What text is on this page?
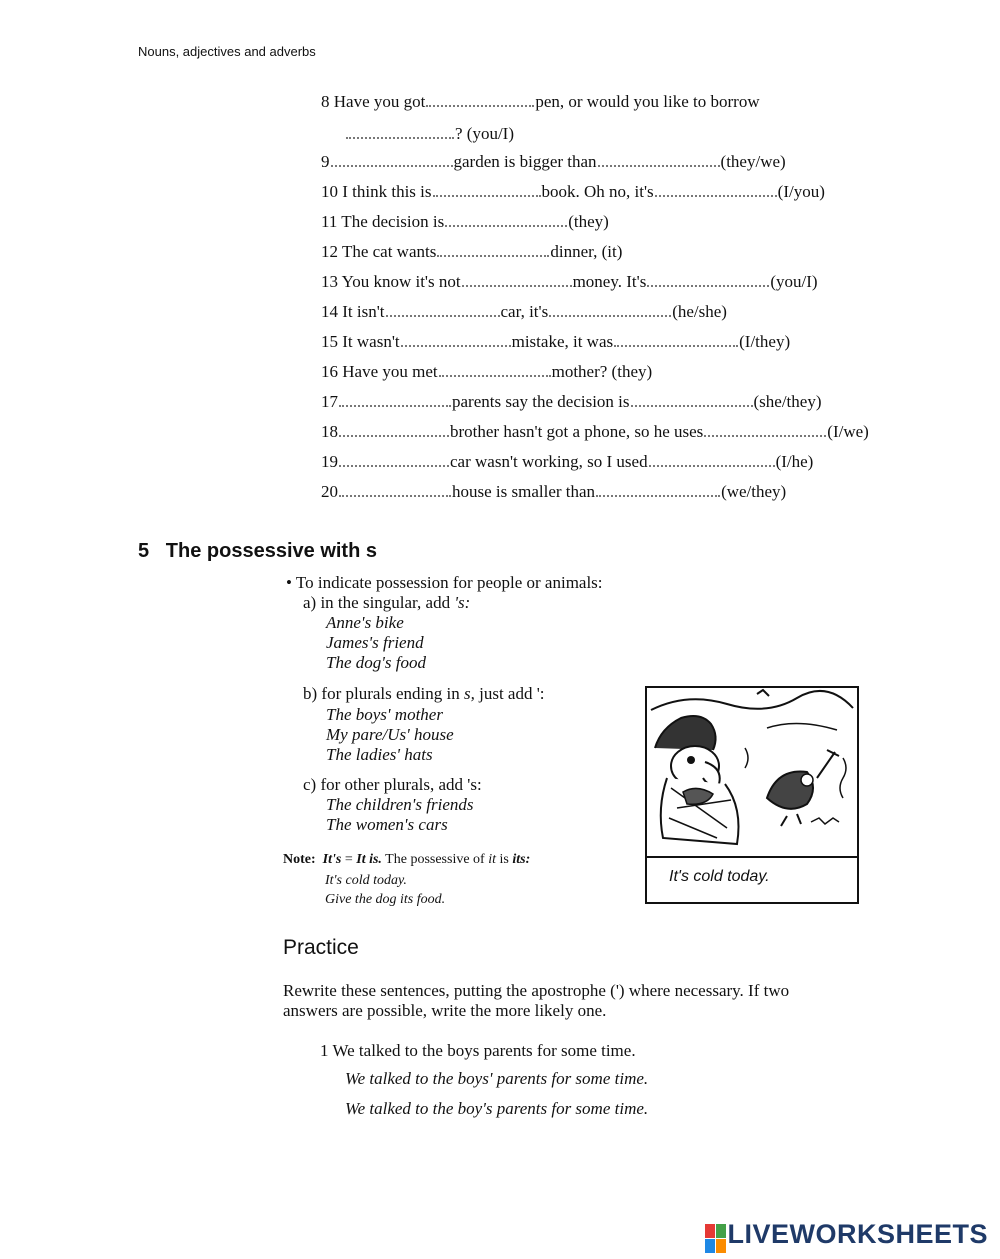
Nouns, adjectives and adverbs
8 Have you got	pen, or would you like to borrow
? (you/I)
9	garden is bigger than	(they/we)
10 I think this is	book. Oh no, it's	(I/you)
11 The decision is	(they)
12 The cat wants	dinner, (it)
13 You know it's not	money. It's	(you/I)
14 It isn't	car, it's	(he/she)
15 It wasn't	mistake, it was	(I/they)
16 Have you met	mother? (they)
17	parents say the decision is	(she/they)
18	brother hasn't got a phone, so he uses	(I/we)
19	car wasn't working, so I used	(I/he)
20	house is smaller than	(we/they)
5 The possessive with s
• To indicate possession for people or animals:
a) in the singular, add 's:
Anne's bike
James's friend
The dog's food
b) for plurals ending in s, just add ':
The boys' mother
My pare/Us' house
The ladies' hats
c) for other plurals, add 's:
The children's friends
The women's cars
Note: It's = It is. The possessive of it is its:
It's cold today.
Give the dog its food.
It's cold today.
Practice
Rewrite these sentences, putting the apostrophe (') where necessary. If two
answers are possible, write the more likely one.
1 We talked to the boys parents for some time.
We talked to the boys' parents for some time.
We talked to the boy's parents for some time.
LIVEWORKSHEETS
